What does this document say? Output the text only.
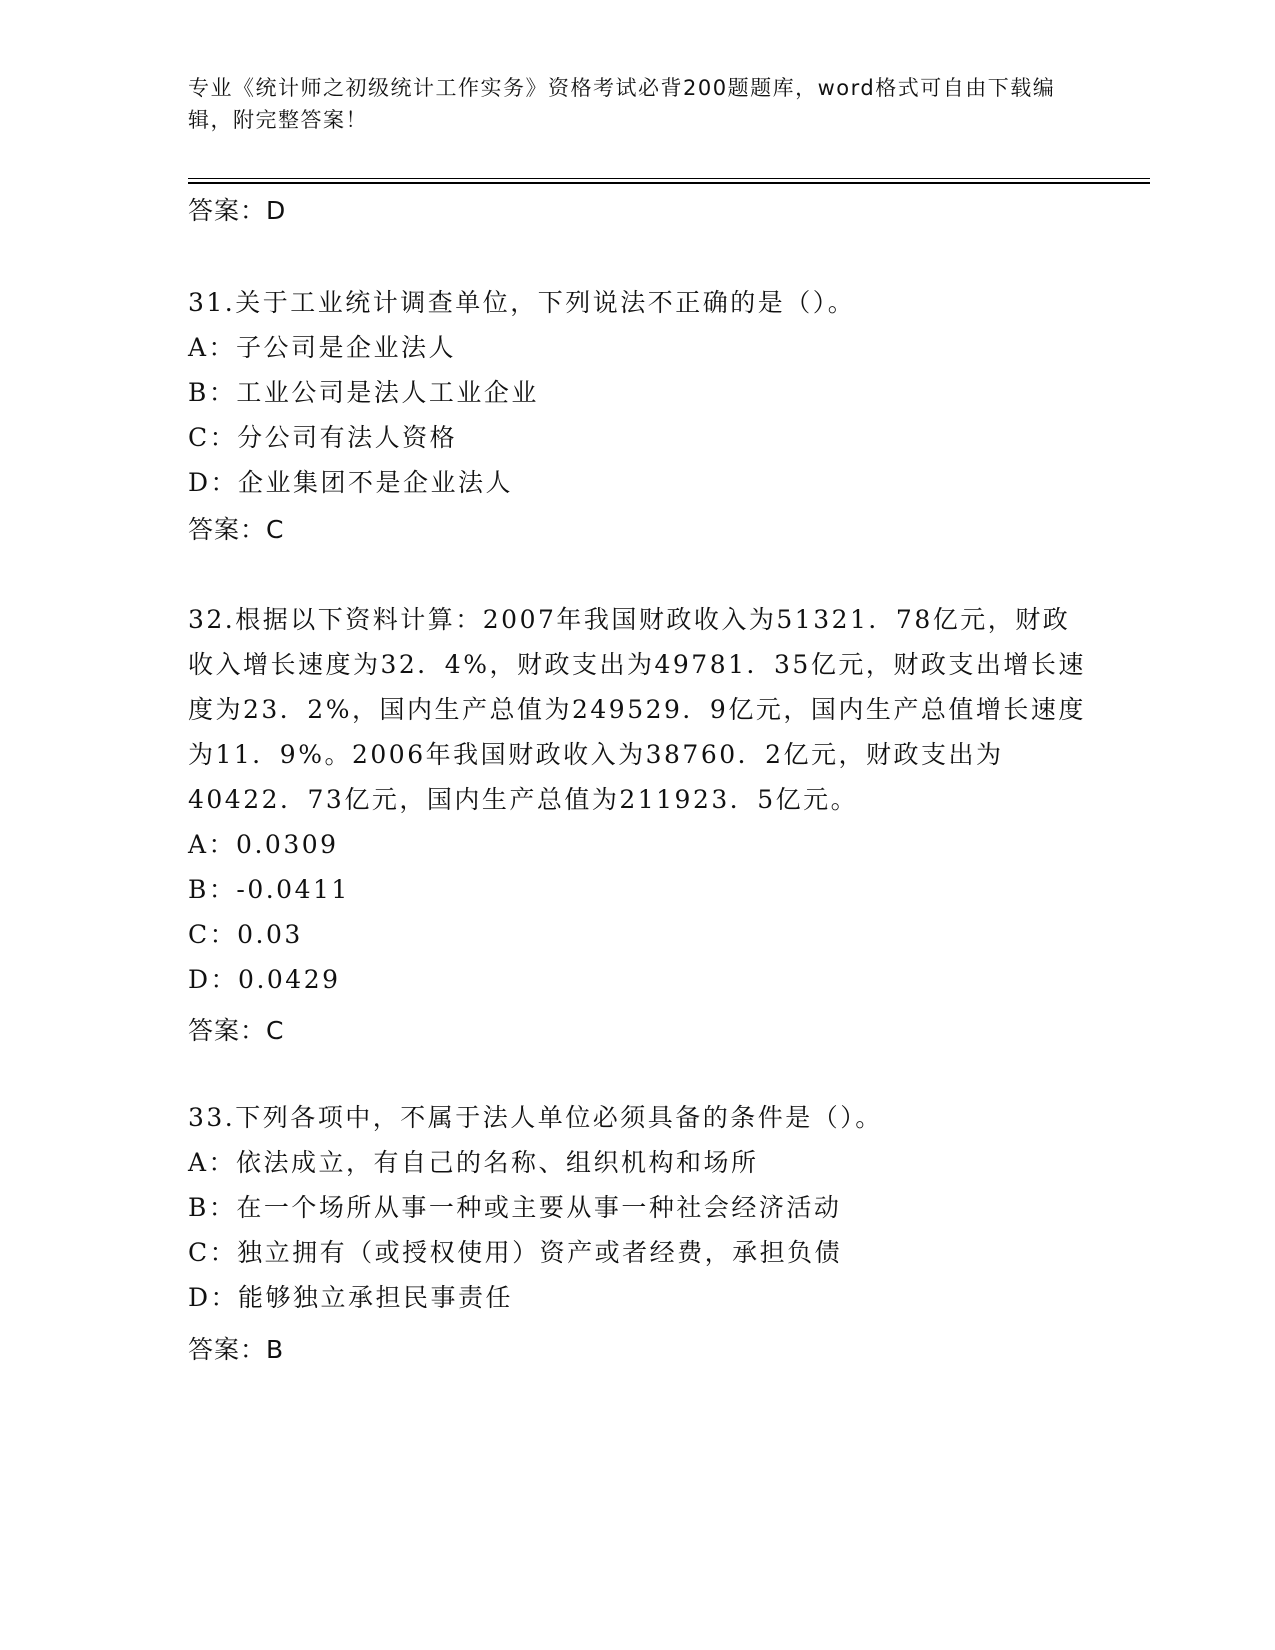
专业《统计师之初级统计工作实务》资格考试必背200题题库，word格式可自由下载编辑，附完整答案！
答案：D
31.关于工业统计调查单位，下列说法不正确的是（）。
A：子公司是企业法人
B：工业公司是法人工业企业
C：分公司有法人资格
D：企业集团不是企业法人
答案：C
32.根据以下资料计算：2007年我国财政收入为51321．78亿元，财政收入增长速度为32．4%，财政支出为49781．35亿元，财政支出增长速度为23．2%，国内生产总值为249529．9亿元，国内生产总值增长速度为11．9%。2006年我国财政收入为38760．2亿元，财政支出为40422．73亿元，国内生产总值为211923．5亿元。
A：0.0309
B：-0.0411
C：0.03
D：0.0429
答案：C
33.下列各项中，不属于法人单位必须具备的条件是（）。
A：依法成立，有自己的名称、组织机构和场所
B：在一个场所从事一种或主要从事一种社会经济活动
C：独立拥有（或授权使用）资产或者经费，承担负债
D：能够独立承担民事责任
答案：B
